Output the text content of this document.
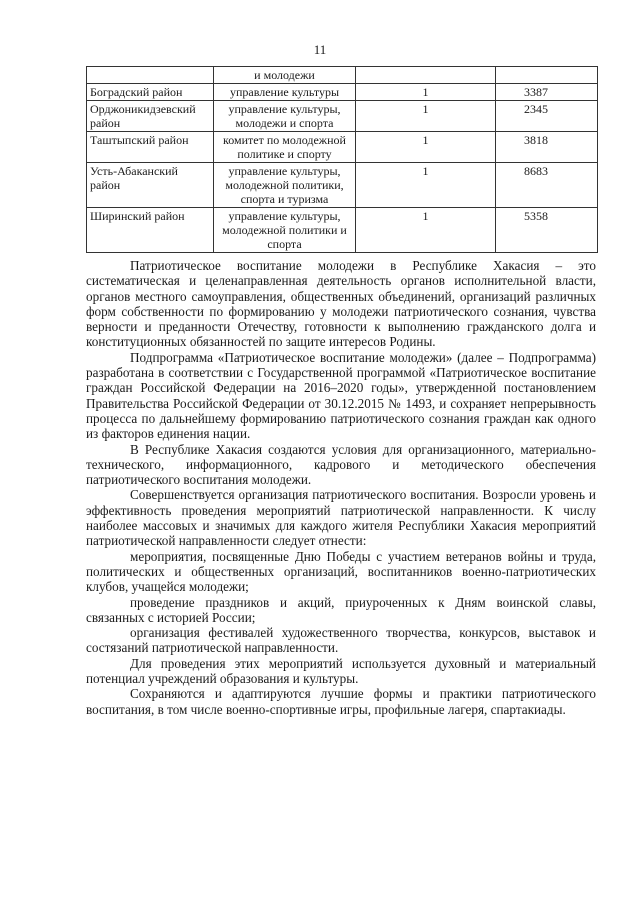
11
	и молодежи		
Боградский район	управление культуры	1	3387
Орджоникидзевский район	управление культуры, молодежи и спорта	1	2345
Таштыпский район	комитет по молодежной политике и спорту	1	3818
Усть-Абаканский район	управление культуры, молодежной политики, спорта и туризма	1	8683
Ширинский район	управление культуры, молодежной политики и спорта	1	5358

Патриотическое воспитание молодежи в Республике Хакасия – это систематическая и целенаправленная деятельность органов исполнительной власти, органов местного самоуправления, общественных объединений, организаций различных форм собственности по формированию у молодежи патриотического сознания, чувства верности и преданности Отечеству, готовности к выполнению гражданского долга и конституционных обязанностей по защите интересов Родины.

Подпрограмма «Патриотическое воспитание молодежи» (далее – Подпрограмма) разработана в соответствии с Государственной программой «Патриотическое воспитание граждан Российской Федерации на 2016–2020 годы», утвержденной постановлением Правительства Российской Федерации от 30.12.2015 № 1493, и сохраняет непрерывность процесса по дальнейшему формированию патриотического сознания граждан как одного из факторов единения нации.

В Республике Хакасия создаются условия для организационного, материально-технического, информационного, кадрового и методического обеспечения патриотического воспитания молодежи.

Совершенствуется организация патриотического воспитания. Возросли уровень и эффективность проведения мероприятий патриотической направленности. К числу наиболее массовых и значимых для каждого жителя Республики Хакасия мероприятий патриотической направленности следует отнести:

мероприятия, посвященные Дню Победы с участием ветеранов войны и труда, политических и общественных организаций, воспитанников военно-патриотических клубов, учащейся молодежи;

проведение праздников и акций, приуроченных к Дням воинской славы, связанных с историей России;

организация фестивалей художественного творчества, конкурсов, выставок и состязаний патриотической направленности.

Для проведения этих мероприятий используется духовный и материальный потенциал учреждений образования и культуры.

Сохраняются и адаптируются лучшие формы и практики патриотического воспитания, в том числе военно-спортивные игры, профильные лагеря, спартакиады.
